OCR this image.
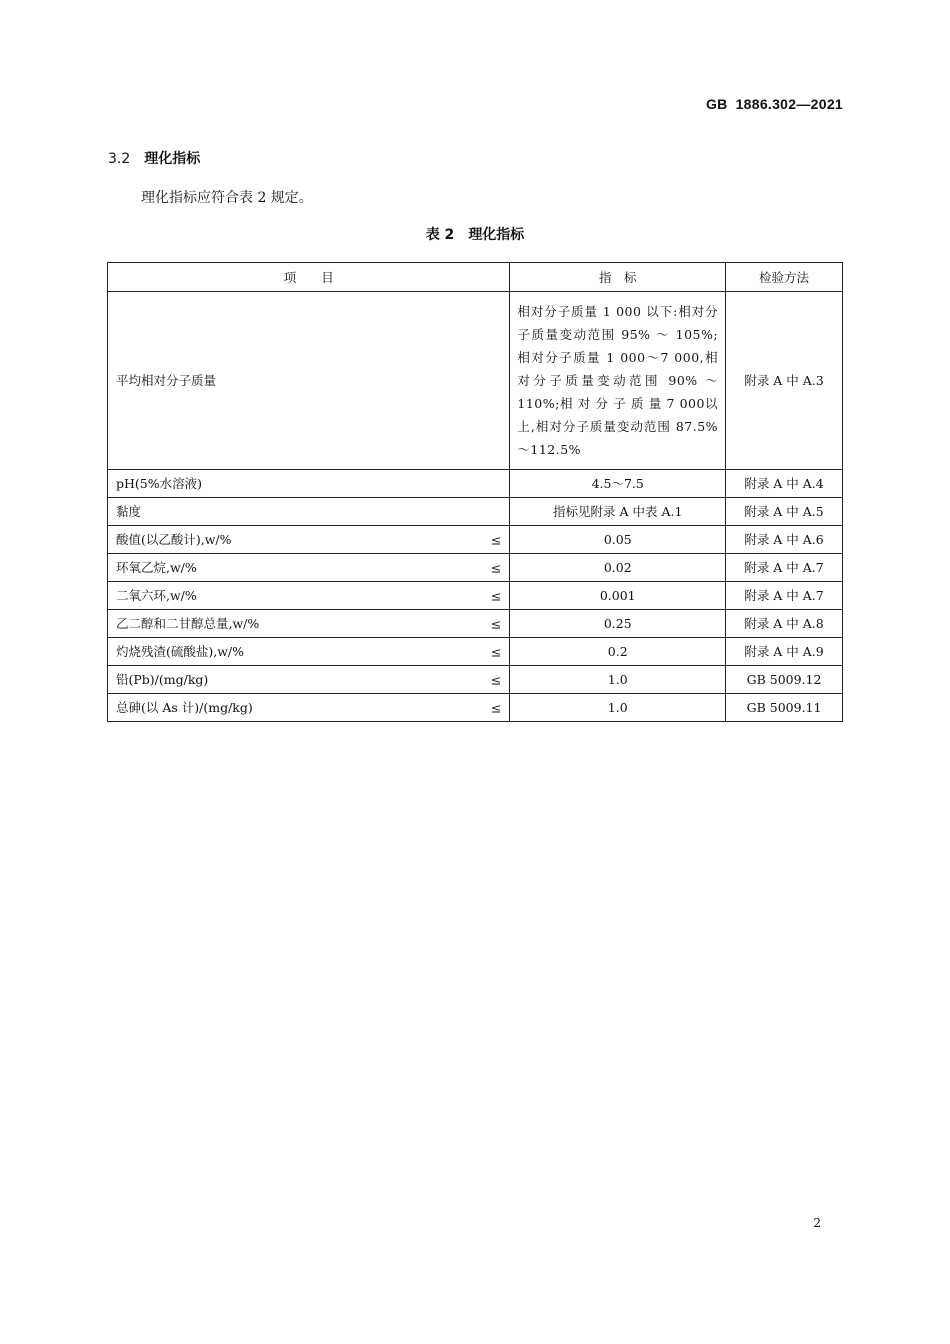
GB 1886.302—2021
3.2 理化指标
理化指标应符合表 2 规定。
表 2 理化指标
项　　目	指　标	检验方法
平均相对分子质量	相对分子质量 1 000 以下:相对分子质量变动范围 95% ～ 105%;相对分子质量 1 000～7 000,相对分子质量变动范围 90% ～ 110%;相 对 分 子 质 量 7 000以上,相对分子质量变动范围 87.5%～112.5%	附录 A 中 A.3
pH(5%水溶液)	4.5～7.5	附录 A 中 A.4
黏度	指标见附录 A 中表 A.1	附录 A 中 A.5
酸值(以乙酸计),w/% ≤	0.05	附录 A 中 A.6
环氧乙烷,w/% ≤	0.02	附录 A 中 A.7
二氧六环,w/% ≤	0.001	附录 A 中 A.7
乙二醇和二甘醇总量,w/% ≤	0.25	附录 A 中 A.8
灼烧残渣(硫酸盐),w/% ≤	0.2	附录 A 中 A.9
铅(Pb)/(mg/kg) ≤	1.0	GB 5009.12
总砷(以 As 计)/(mg/kg) ≤	1.0	GB 5009.11
2
